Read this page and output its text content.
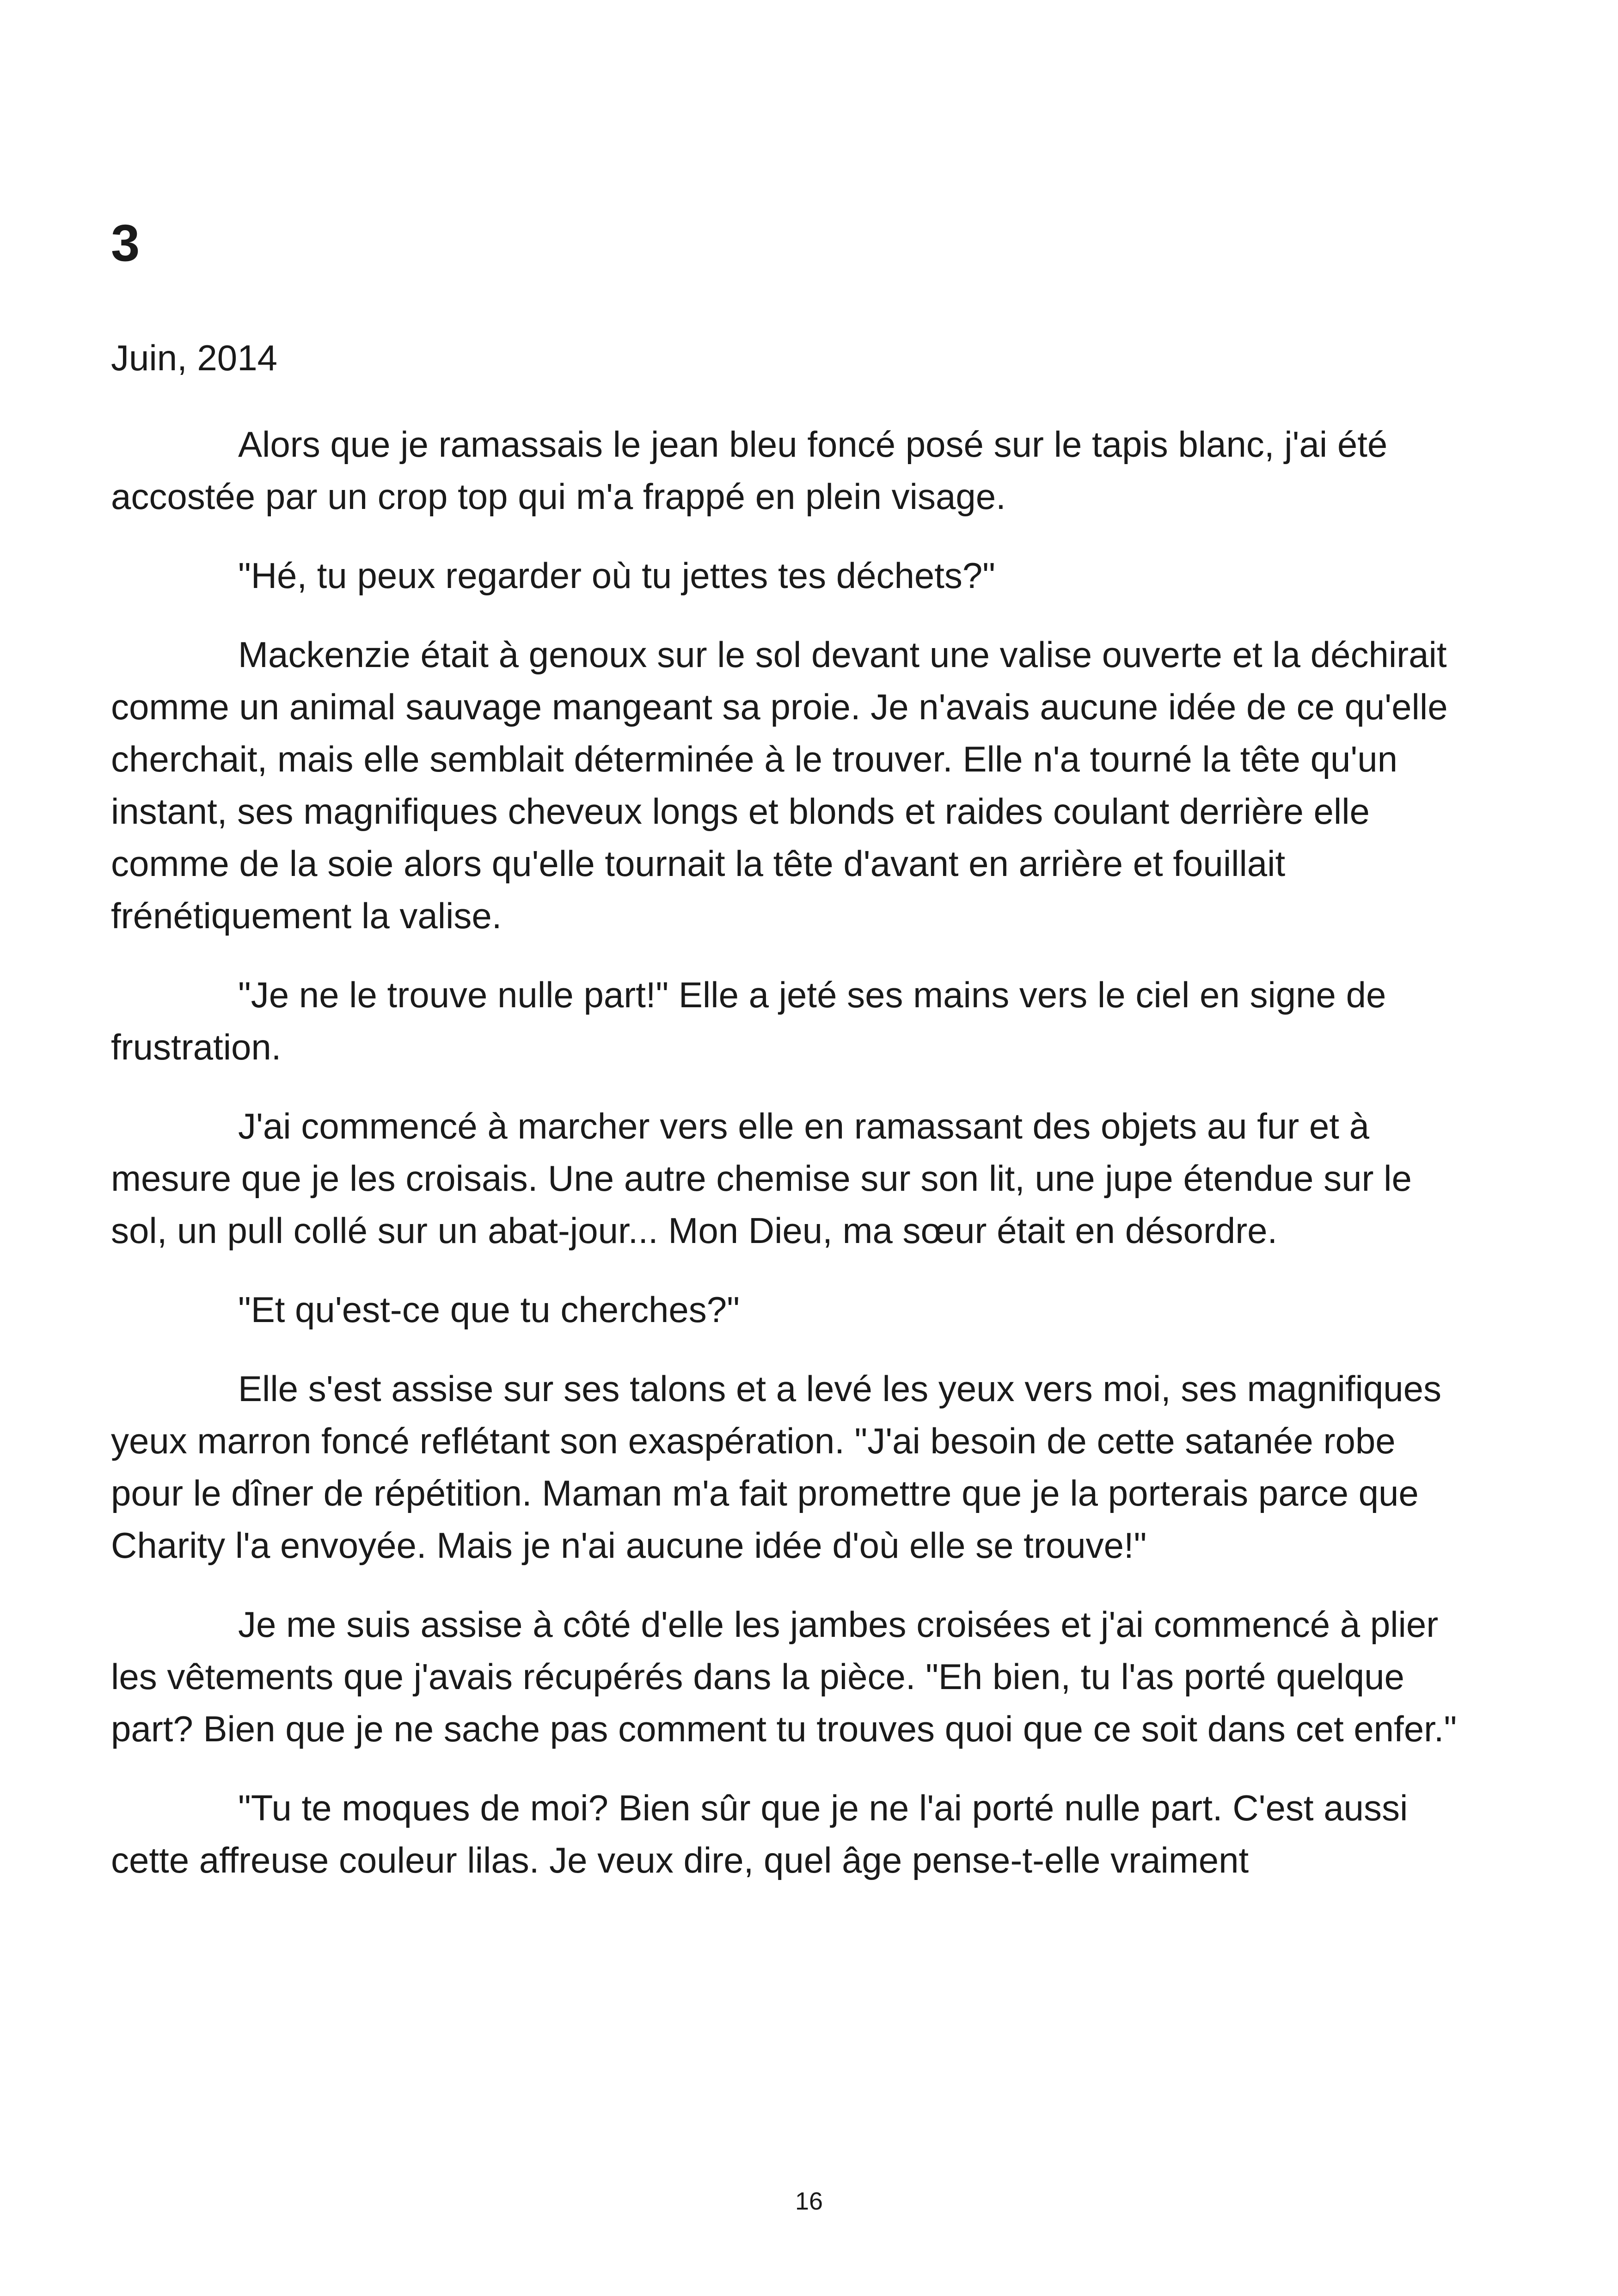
3
Juin, 2014

Alors que je ramassais le jean bleu foncé posé sur le tapis blanc, j'ai été accostée par un crop top qui m'a frappé en plein visage.

"Hé, tu peux regarder où tu jettes tes déchets?"

Mackenzie était à genoux sur le sol devant une valise ouverte et la déchirait comme un animal sauvage mangeant sa proie. Je n'avais aucune idée de ce qu'elle cherchait, mais elle semblait déterminée à le trouver. Elle n'a tourné la tête qu'un instant, ses magnifiques cheveux longs et blonds et raides coulant derrière elle comme de la soie alors qu'elle tournait la tête d'avant en arrière et fouillait frénétiquement la valise.

"Je ne le trouve nulle part!" Elle a jeté ses mains vers le ciel en signe de frustration.

J'ai commencé à marcher vers elle en ramassant des objets au fur et à mesure que je les croisais. Une autre chemise sur son lit, une jupe étendue sur le sol, un pull collé sur un abat-jour... Mon Dieu, ma sœur était en désordre.

"Et qu'est-ce que tu cherches?"

Elle s'est assise sur ses talons et a levé les yeux vers moi, ses magnifiques yeux marron foncé reflétant son exaspération. "J'ai besoin de cette satanée robe pour le dîner de répétition. Maman m'a fait promettre que je la porterais parce que Charity l'a envoyée. Mais je n'ai aucune idée d'où elle se trouve!"

Je me suis assise à côté d'elle les jambes croisées et j'ai commencé à plier les vêtements que j'avais récupérés dans la pièce. "Eh bien, tu l'as porté quelque part? Bien que je ne sache pas comment tu trouves quoi que ce soit dans cet enfer."

"Tu te moques de moi? Bien sûr que je ne l'ai porté nulle part. C'est aussi cette affreuse couleur lilas. Je veux dire, quel âge pense-t-elle vraiment

16
